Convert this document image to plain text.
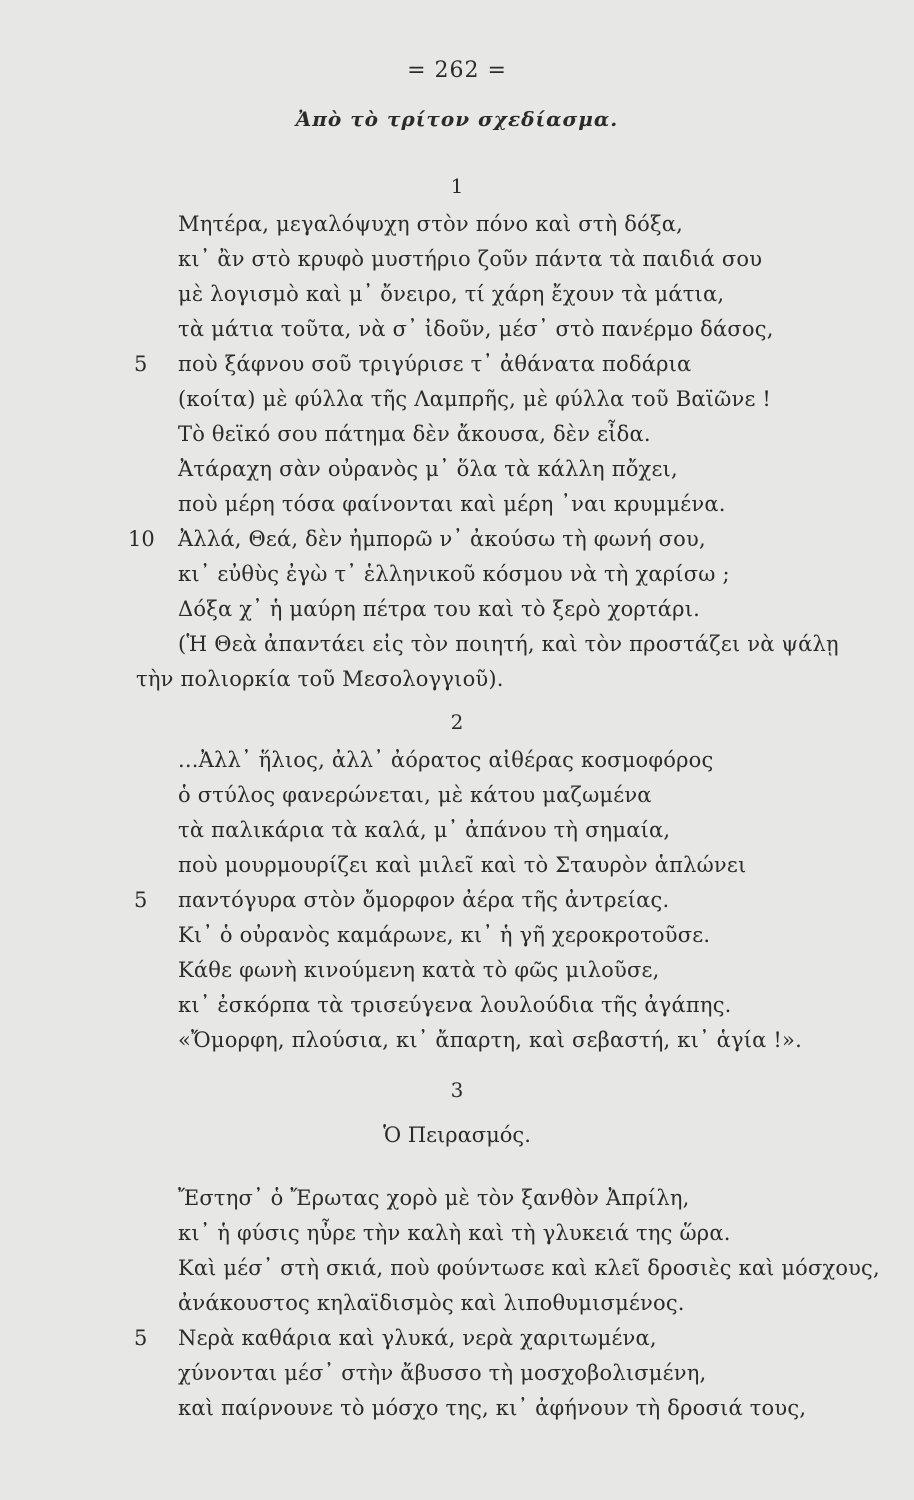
= 262 =
Ἀπὸ τὸ τρίτον σχεδίασμα.
1
Μητέρα, μεγαλόψυχη στὸν πόνο καὶ στὴ δόξα,
κι᾿ ἂν στὸ κρυφὸ μυστήριο ζοῦν πάντα τὰ παιδιά σου
μὲ λογισμὸ καὶ μ᾿ ὄνειρο, τί χάρη ἔχουν τὰ μάτια,
τὰ μάτια τοῦτα, νὰ σ᾿ ἰδοῦν, μέσ᾿ στὸ πανέρμο δάσος,
5 ποὺ ξάφνου σοῦ τριγύρισε τ᾿ ἀθάνατα ποδάρια
(κοίτα) μὲ φύλλα τῆς Λαμπρῆς, μὲ φύλλα τοῦ Βαϊῶνε !
Τὸ θεϊκό σου πάτημα δὲν ἄκουσα, δὲν εἶδα.
Ἀτάραχη σὰν οὐρανὸς μ᾿ ὅλα τὰ κάλλη πὄχει,
ποὺ μέρη τόσα φαίνονται καὶ μέρη ᾿ναι κρυμμένα.
10 Ἀλλά, Θεά, δὲν ἠμπορῶ ν᾿ ἀκούσω τὴ φωνή σου,
κι᾿ εὐθὺς ἐγὼ τ᾿ ἑλληνικοῦ κόσμου νὰ τὴ χαρίσω ;
Δόξα χ᾿ ἡ μαύρη πέτρα του καὶ τὸ ξερὸ χορτάρι.
(Ἡ Θεὰ ἀπαντάει εἰς τὸν ποιητή, καὶ τὸν προστάζει νὰ ψάλῃ
τὴν πολιορκία τοῦ Μεσολογγιοῦ).
2
...Ἀλλ᾿ ἥλιος, ἀλλ᾿ ἀόρατος αἰθέρας κοσμοφόρος
ὁ στύλος φανερώνεται, μὲ κάτου μαζωμένα
τὰ παλικάρια τὰ καλά, μ᾿ ἀπάνου τὴ σημαία,
ποὺ μουρμουρίζει καὶ μιλεῖ καὶ τὸ Σταυρὸν ἁπλώνει
5 παντόγυρα στὸν ὄμορφον ἀέρα τῆς ἀντρείας.
Κι᾿ ὁ οὐρανὸς καμάρωνε, κι᾿ ἡ γῆ χεροκροτοῦσε.
Κάθε φωνὴ κινούμενη κατὰ τὸ φῶς μιλοῦσε,
κι᾿ ἐσκόρπα τὰ τρισεύγενα λουλούδια τῆς ἀγάπης.
«Ὄμορφη, πλούσια, κι᾿ ἄπαρτη, καὶ σεβαστή, κι᾿ ἁγία !».
3
Ὁ Πειρασμός.
Ἔστησ᾿ ὁ Ἔρωτας χορὸ μὲ τὸν ξανθὸν Ἀπρίλη,
κι᾿ ἡ φύσις ηὖρε τὴν καλὴ καὶ τὴ γλυκειά της ὥρα.
Καὶ μέσ᾿ στὴ σκιά, ποὺ φούντωσε καὶ κλεῖ δροσιὲς καὶ μόσχους,
ἀνάκουστος κηλαϊδισμὸς καὶ λιποθυμισμένος.
5 Νερὰ καθάρια καὶ γλυκά, νερὰ χαριτωμένα,
χύνονται μέσ᾿ στὴν ἄβυσσο τὴ μοσχοβολισμένη,
καὶ παίρνουνε τὸ μόσχο της, κι᾿ ἀφήνουν τὴ δροσιά τους,
